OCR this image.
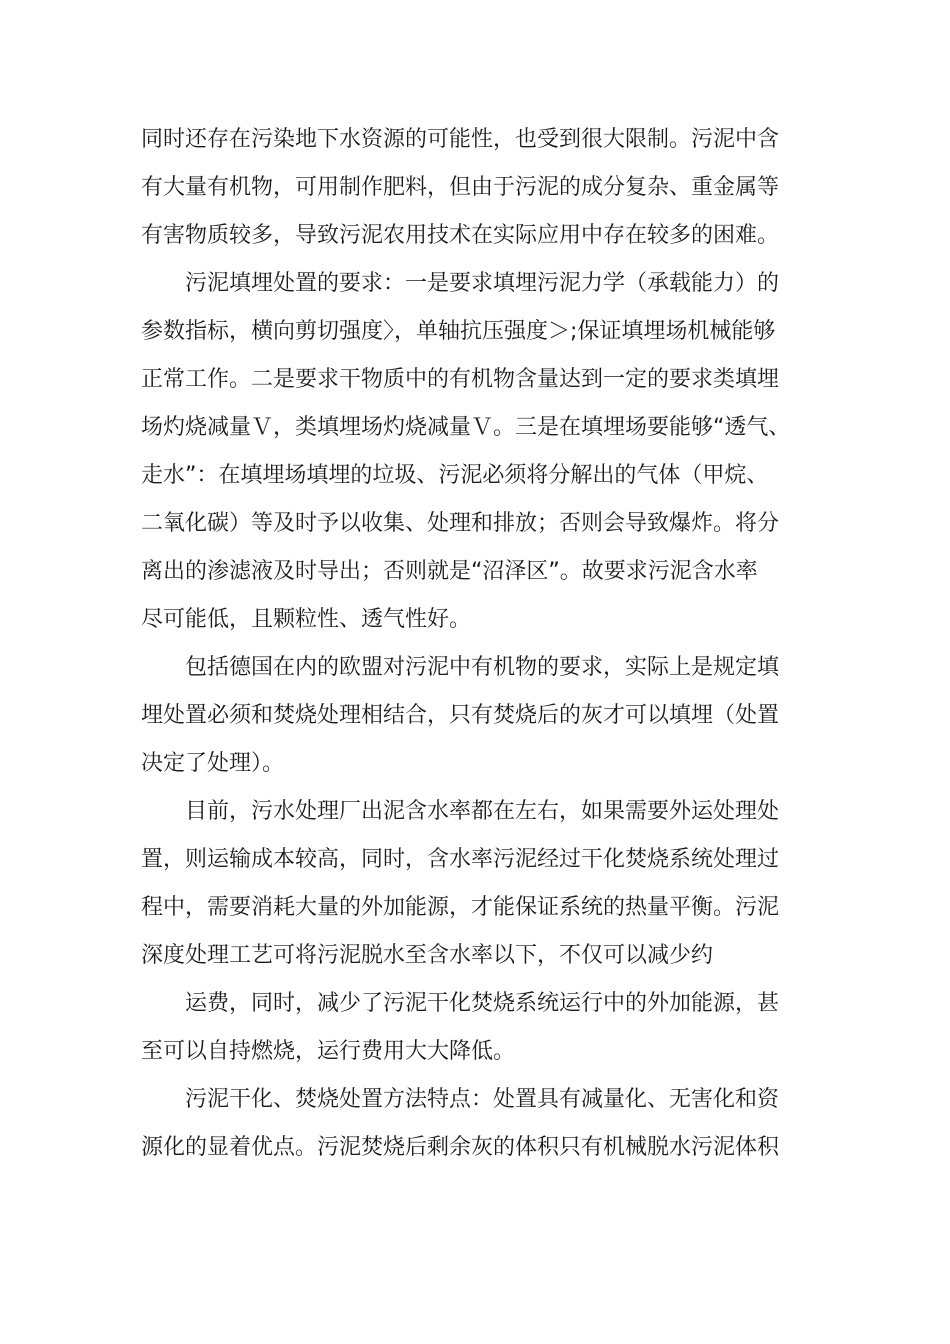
同时还存在污染地下水资源的可能性，也受到很大限制。污泥中含
有大量有机物，可用制作肥料，但由于污泥的成分复杂、重金属等
有害物质较多，导致污泥农用技术在实际应用中存在较多的困难。
　　污泥填埋处置的要求：一是要求填埋污泥力学（承载能力）的
参数指标，横向剪切强度〉，单轴抗压强度＞;保证填埋场机械能够
正常工作。二是要求干物质中的有机物含量达到一定的要求类填埋
场灼烧减量Ｖ，类填埋场灼烧减量Ｖ。三是在填埋场要能够“透气、
走水”：在填埋场填埋的垃圾、污泥必须将分解出的气体（甲烷、
二氧化碳）等及时予以收集、处理和排放；否则会导致爆炸。将分
离出的渗滤液及时导出；否则就是“沼泽区”。故要求污泥含水率
尽可能低，且颗粒性、透气性好。
　　包括德国在内的欧盟对污泥中有机物的要求，实际上是规定填
埋处置必须和焚烧处理相结合，只有焚烧后的灰才可以填埋（处置
决定了处理）。
　　目前，污水处理厂出泥含水率都在左右，如果需要外运处理处
置，则运输成本较高，同时，含水率污泥经过干化焚烧系统处理过
程中，需要消耗大量的外加能源，才能保证系统的热量平衡。污泥
深度处理工艺可将污泥脱水至含水率以下，不仅可以减少约
　　运费，同时，减少了污泥干化焚烧系统运行中的外加能源，甚
至可以自持燃烧，运行费用大大降低。
　　污泥干化、焚烧处置方法特点：处置具有减量化、无害化和资
源化的显着优点。污泥焚烧后剩余灰的体积只有机械脱水污泥体积
